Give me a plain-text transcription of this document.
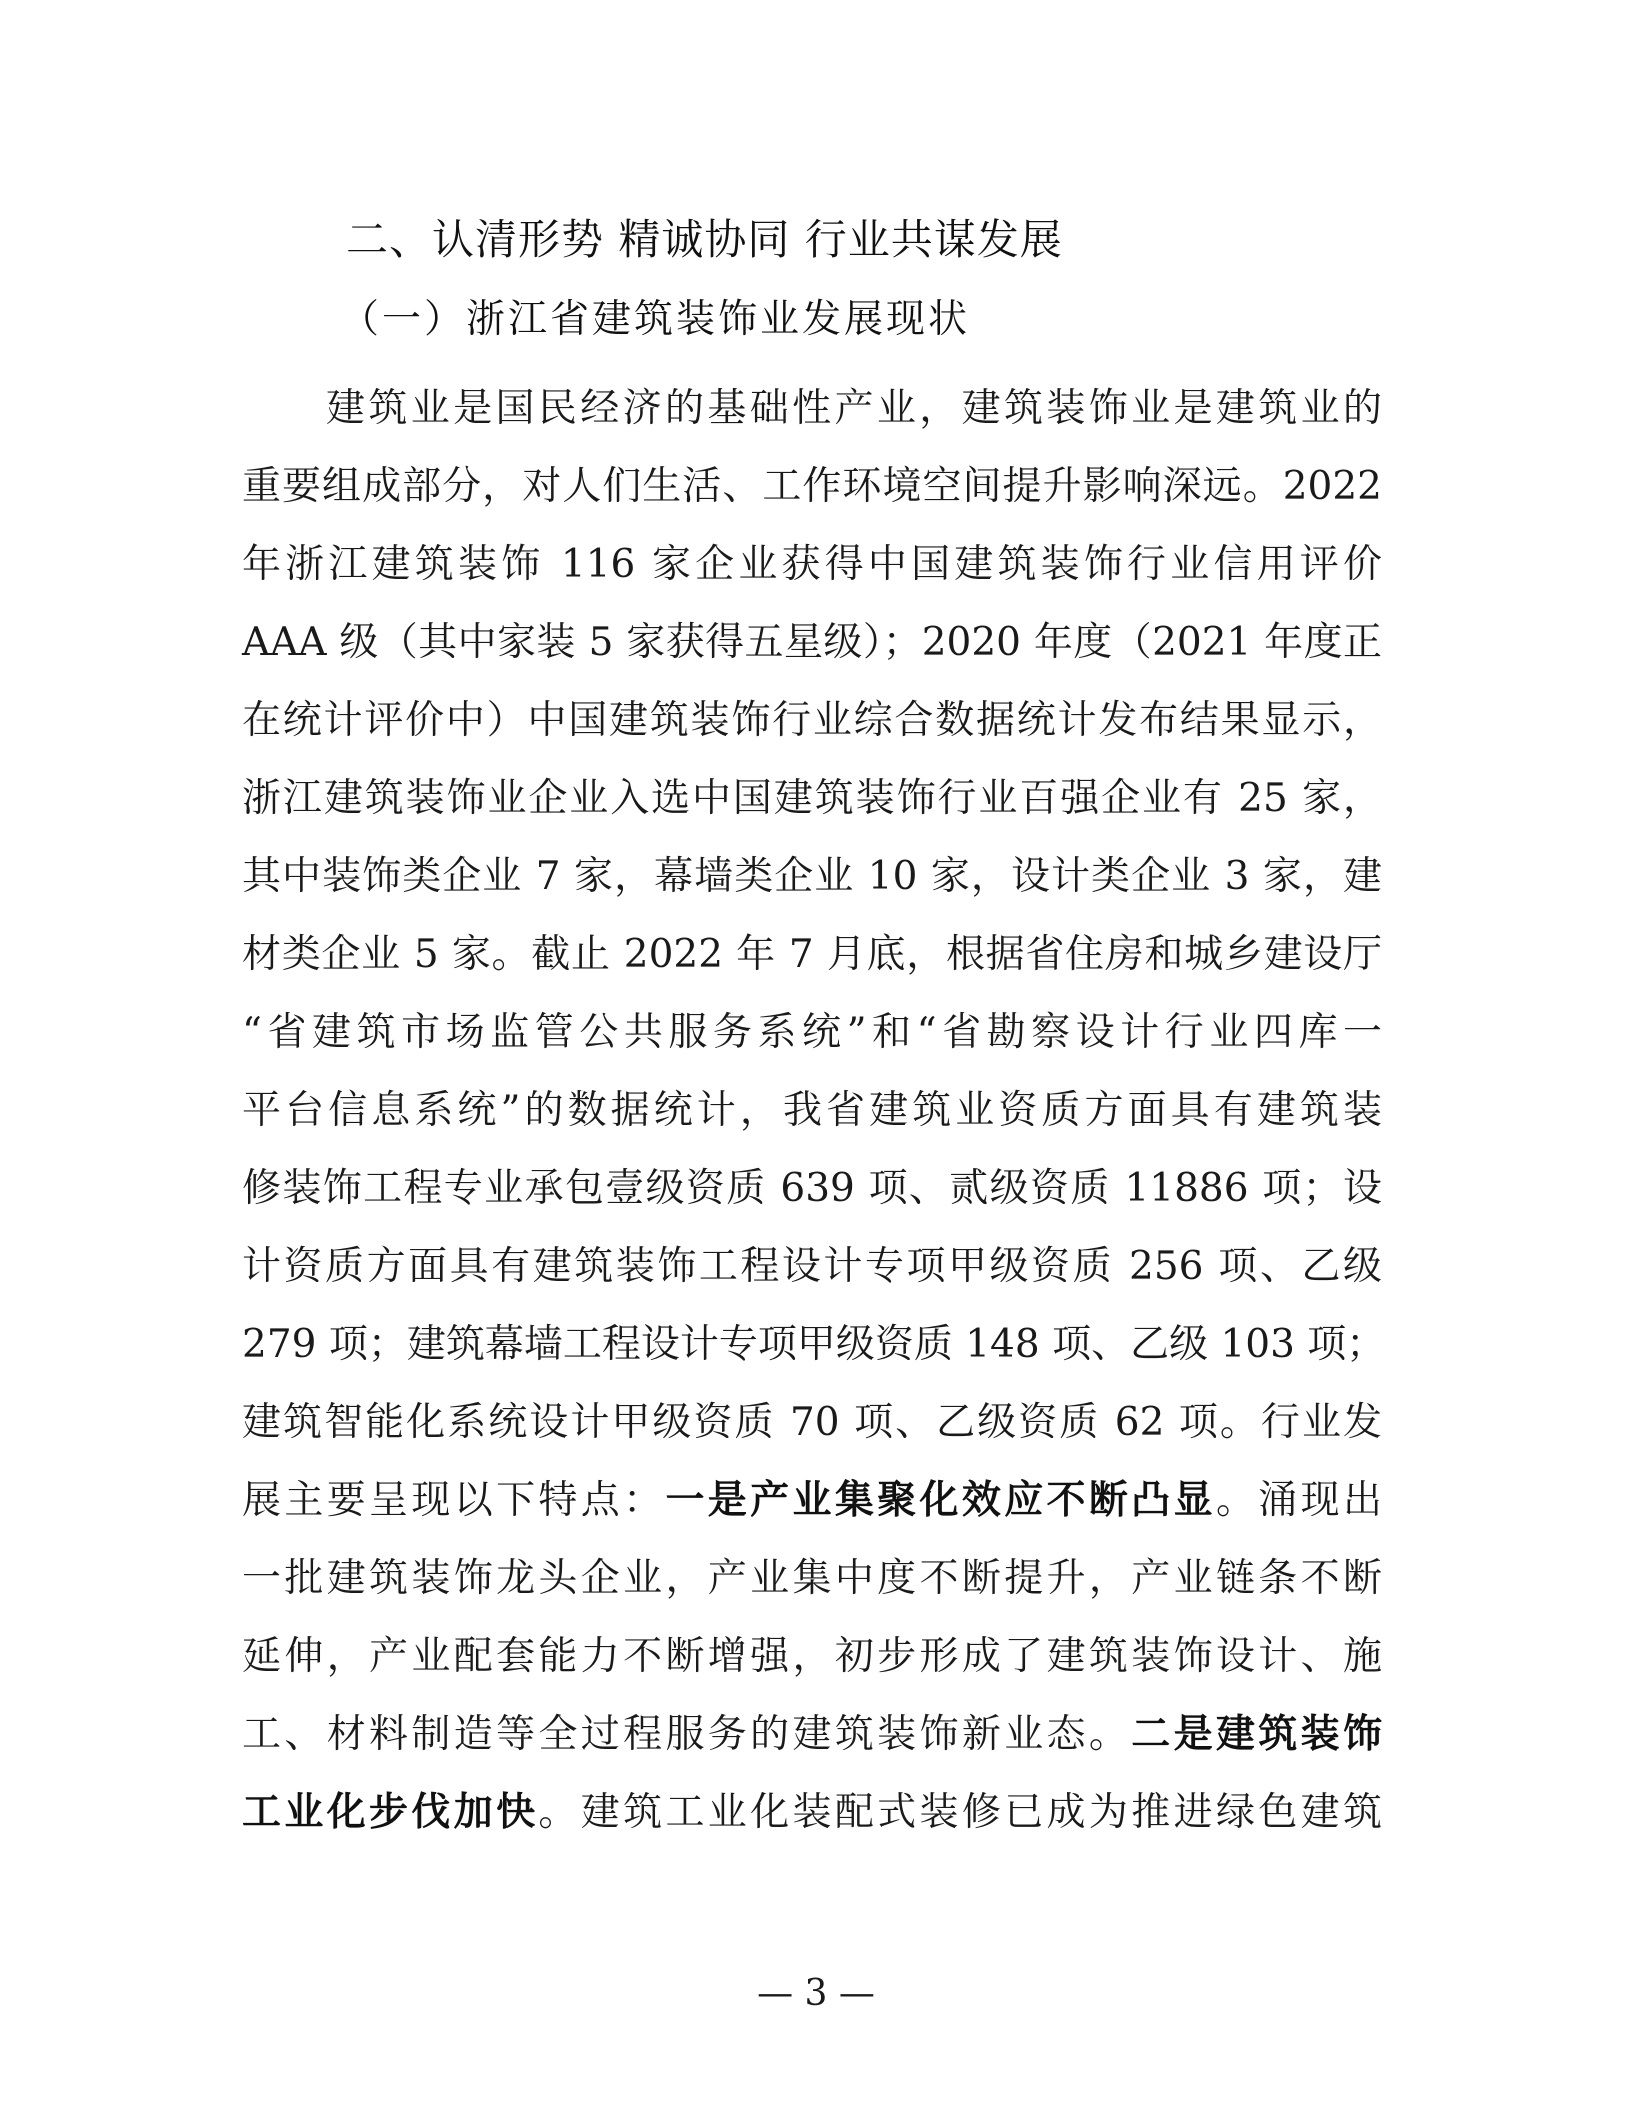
二、认清形势 精诚协同 行业共谋发展
（一）浙江省建筑装饰业发展现状
建筑业是国民经济的基础性产业，建筑装饰业是建筑业的
重要组成部分，对人们生活、工作环境空间提升影响深远。2022
年浙江建筑装饰 116 家企业获得中国建筑装饰行业信用评价
AAA 级（其中家装 5 家获得五星级）；2020 年度（2021 年度正
在统计评价中）中国建筑装饰行业综合数据统计发布结果显示，
浙江建筑装饰业企业入选中国建筑装饰行业百强企业有 25 家，
其中装饰类企业 7 家，幕墙类企业 10 家，设计类企业 3 家，建
材类企业 5 家。截止 2022 年 7 月底，根据省住房和城乡建设厅
“省建筑市场监管公共服务系统”和“省勘察设计行业四库一
平台信息系统”的数据统计，我省建筑业资质方面具有建筑装
修装饰工程专业承包壹级资质 639 项、贰级资质 11886 项；设
计资质方面具有建筑装饰工程设计专项甲级资质 256 项、乙级
279 项；建筑幕墙工程设计专项甲级资质 148 项、乙级 103 项；
建筑智能化系统设计甲级资质 70 项、乙级资质 62 项。行业发
展主要呈现以下特点：一是产业集聚化效应不断凸显。涌现出
一批建筑装饰龙头企业，产业集中度不断提升，产业链条不断
延伸，产业配套能力不断增强，初步形成了建筑装饰设计、施
工、材料制造等全过程服务的建筑装饰新业态。二是建筑装饰
工业化步伐加快。建筑工业化装配式装修已成为推进绿色建筑
— 3 —
